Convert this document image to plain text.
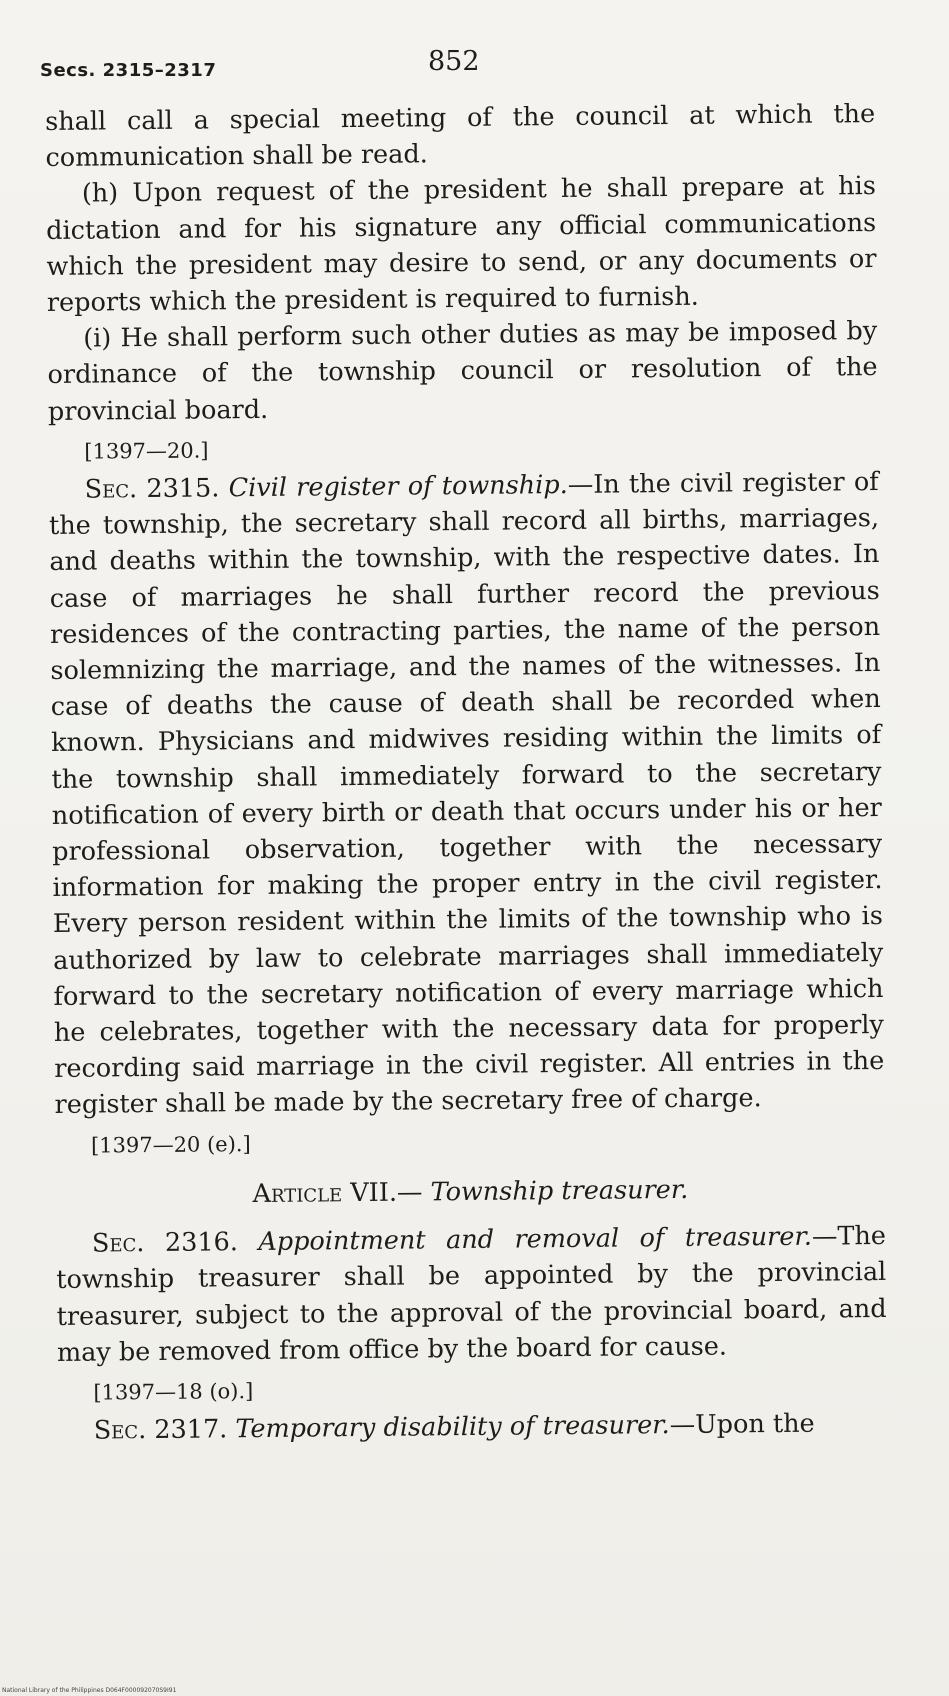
Secs. 2315–2317	852

shall call a special meeting of the council at which the communication shall be read.

(h) Upon request of the president he shall prepare at his dictation and for his signature any official communications which the president may desire to send, or any documents or reports which the president is required to furnish.

(i) He shall perform such other duties as may be imposed by ordinance of the township council or resolution of the provincial board.

[1397—20.]

Sec. 2315. Civil register of township.—In the civil register of the township, the secretary shall record all births, marriages, and deaths within the township, with the respective dates. In case of marriages he shall further record the previous residences of the contracting parties, the name of the person solemnizing the marriage, and the names of the witnesses. In case of deaths the cause of death shall be recorded when known. Physicians and midwives residing within the limits of the township shall immediately forward to the secretary notification of every birth or death that occurs under his or her professional observation, together with the necessary information for making the proper entry in the civil register. Every person resident within the limits of the township who is authorized by law to celebrate marriages shall immediately forward to the secretary notification of every marriage which he celebrates, together with the necessary data for properly recording said marriage in the civil register. All entries in the register shall be made by the secretary free of charge.

[1397—20 (e).]

Article VII.— Township treasurer.

Sec. 2316. Appointment and removal of treasurer.—The township treasurer shall be appointed by the provincial treasurer, subject to the approval of the provincial board, and may be removed from office by the board for cause.

[1397—18 (o).]

Sec. 2317. Temporary disability of treasurer.—Upon the

National Library of the Philippines D064F000092070S9I91
